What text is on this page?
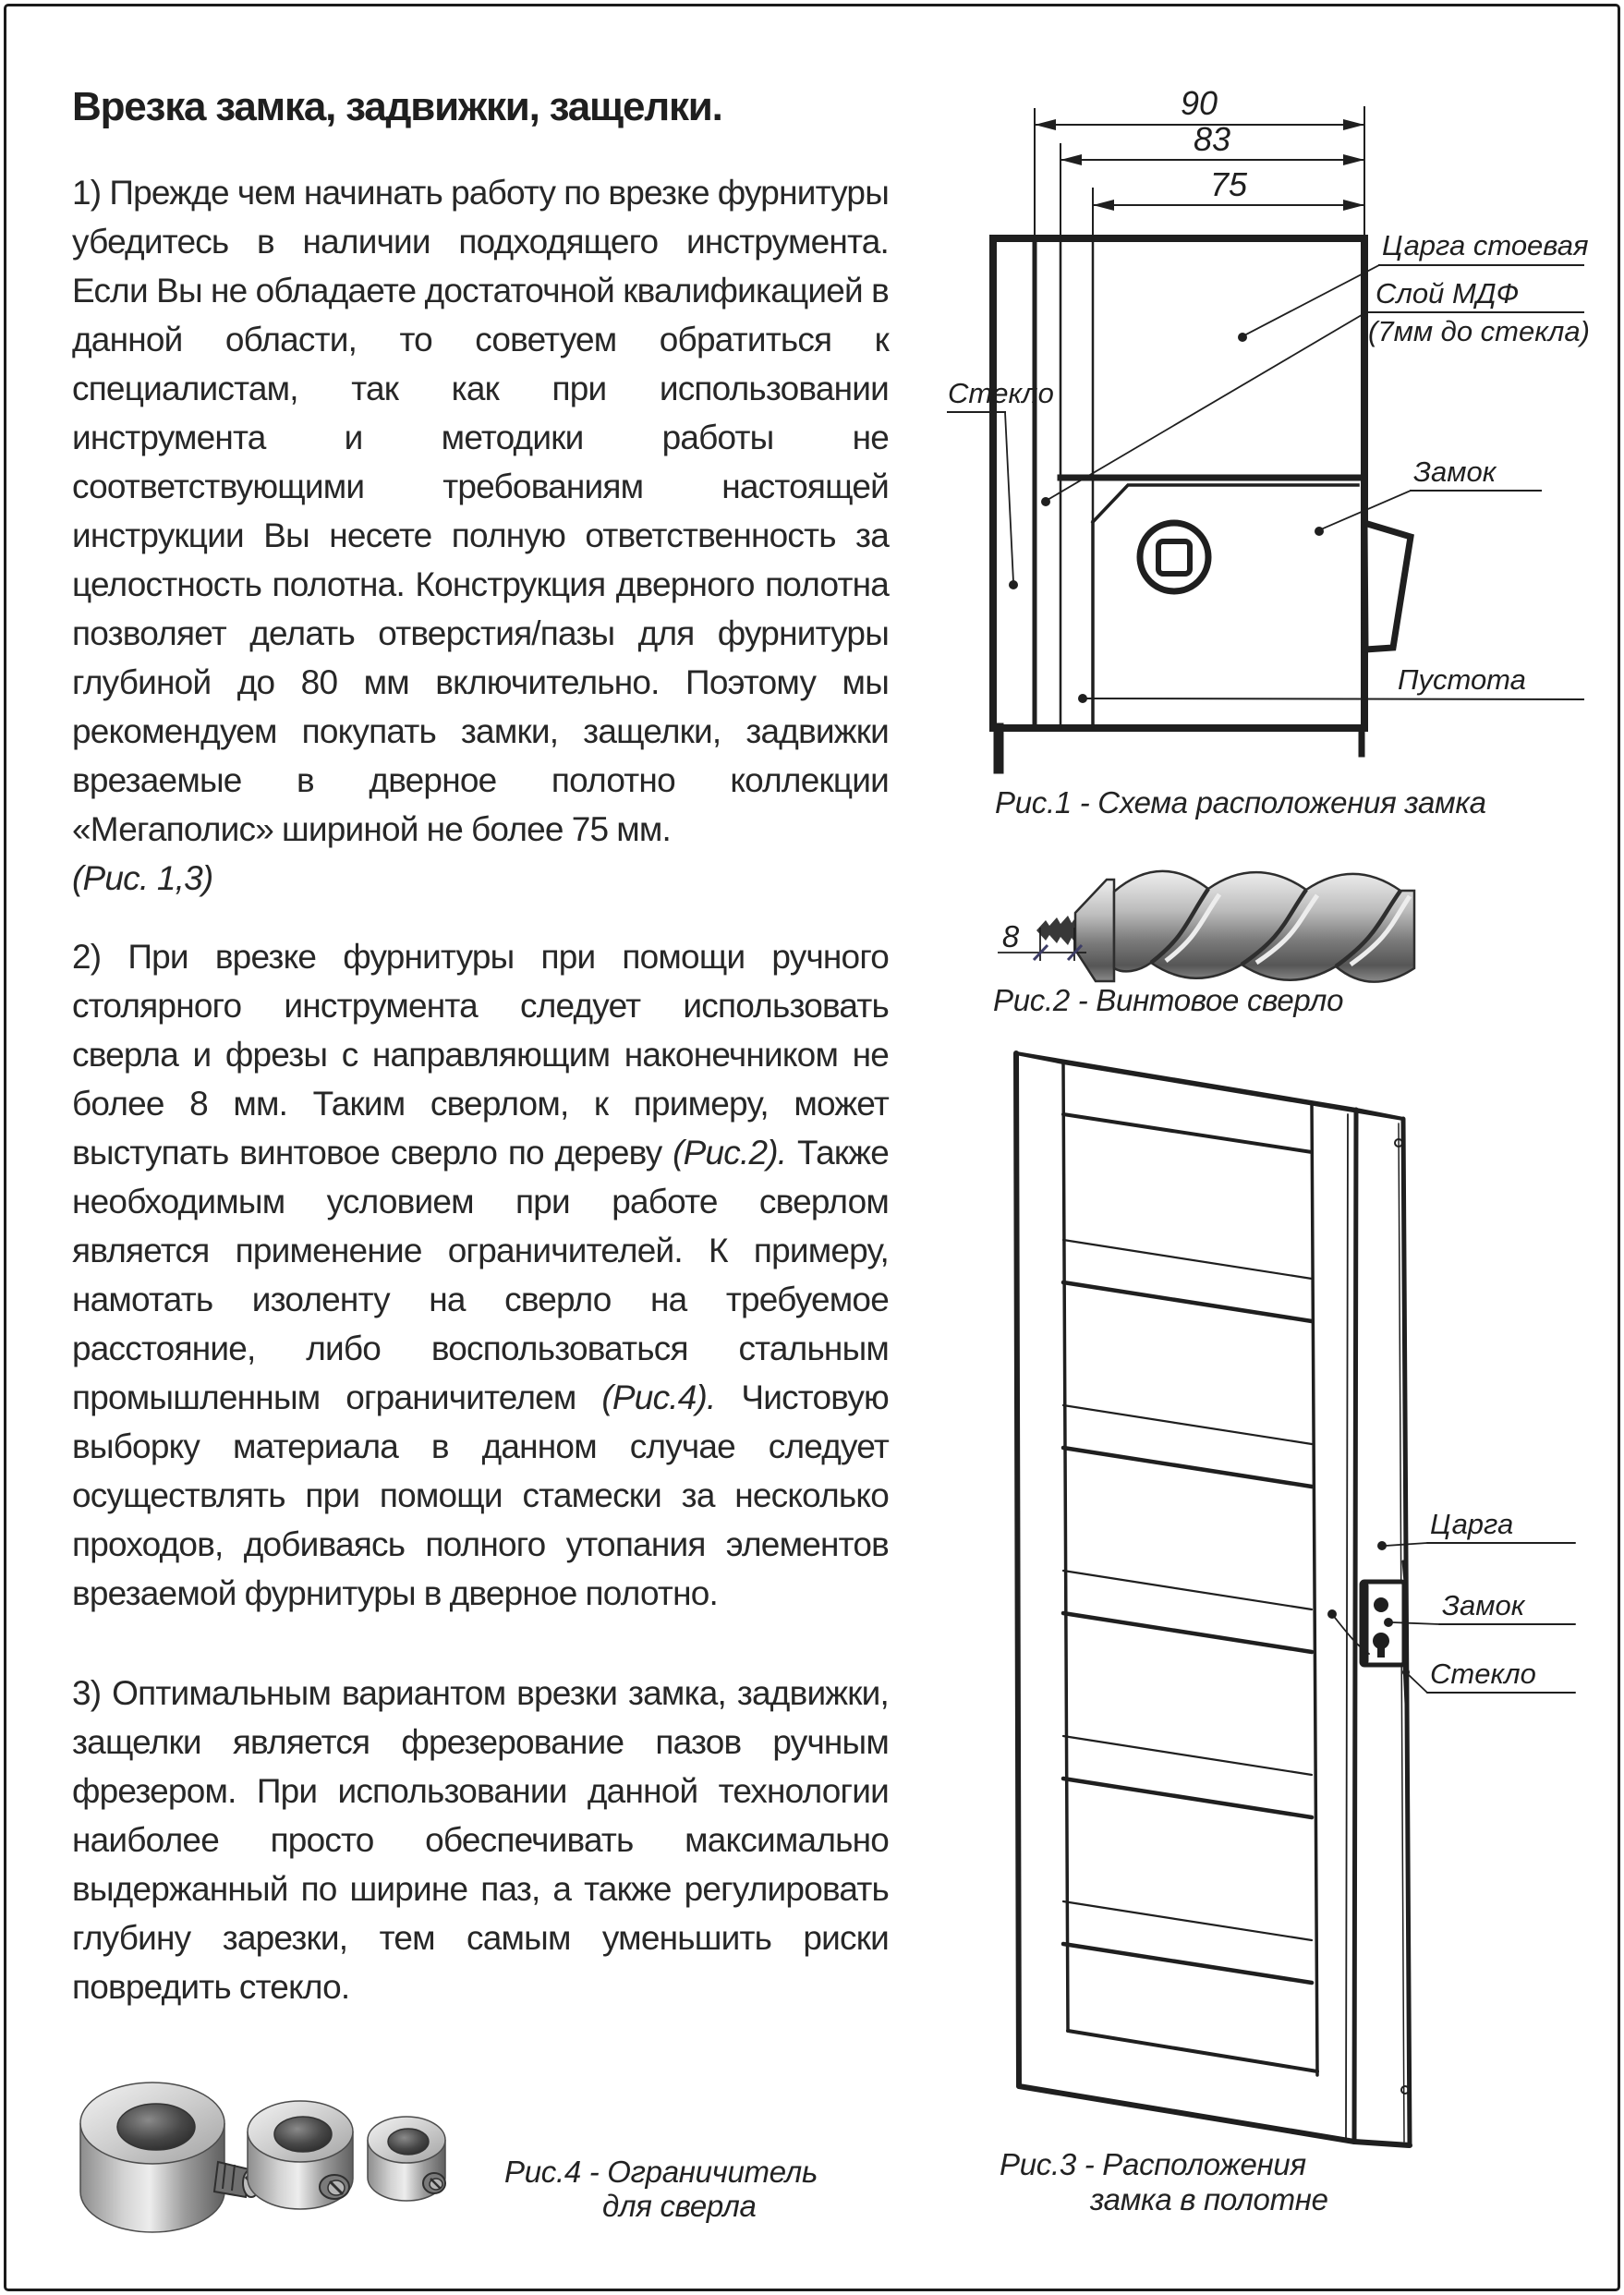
Врезка замка, задвижки, защелки.

1) Прежде чем начинать работу по врезке фурнитуры убедитесь в наличии подходящего инструмента. Если Вы не обладаете достаточной квалификацией в данной области, то советуем обратиться к специалистам, так как при использовании инструмента и методики работы не соответствующими требованиям настоящей инструкции Вы несете полную ответственность за целостность полотна. Конструкция дверного полотна позволяет делать отверстия/пазы для фурнитуры глубиной до 80 мм включительно. Поэтому мы рекомендуем покупать замки, защелки, задвижки врезаемые в дверное полотно коллекции «Мегаполис» шириной не более 75 мм.

(Рис. 1,3)

2) При врезке фурнитуры при помощи ручного столярного инструмента следует использовать сверла и фрезы с направляющим наконечником не более 8 мм. Таким сверлом, к примеру, может выступать винтовое сверло по дереву (Рис.2). Также необходимым условием при работе сверлом является применение ограничителей. К примеру, намотать изоленту на сверло на требуемое расстояние, либо воспользоваться стальным промышленным ограничителем (Рис.4). Чистовую выборку материала в данном случае следует осуществлять при помощи стамески за несколько проходов, добиваясь полного утопания элементов врезаемой фурнитуры в дверное полотно.

3) Оптимальным вариантом врезки замка, задвижки, защелки является фрезерование пазов ручным фрезером. При использовании данной технологии наиболее просто обеспечивать максимально выдержанный по ширине паз, а также регулировать глубину зарезки, тем самым уменьшить риски повредить стекло.

Рис.1 - Схема расположения замка
Рис.2 - Винтовое сверло
Рис.3 - Расположения
замка в полотне
Рис.4 - Ограничитель
для сверла
90
83
75
Стекло
Царга стоевая
Слой МДФ
(7мм до стекла)
Замок
Пустота
8
Царга
Замок
Стекло
